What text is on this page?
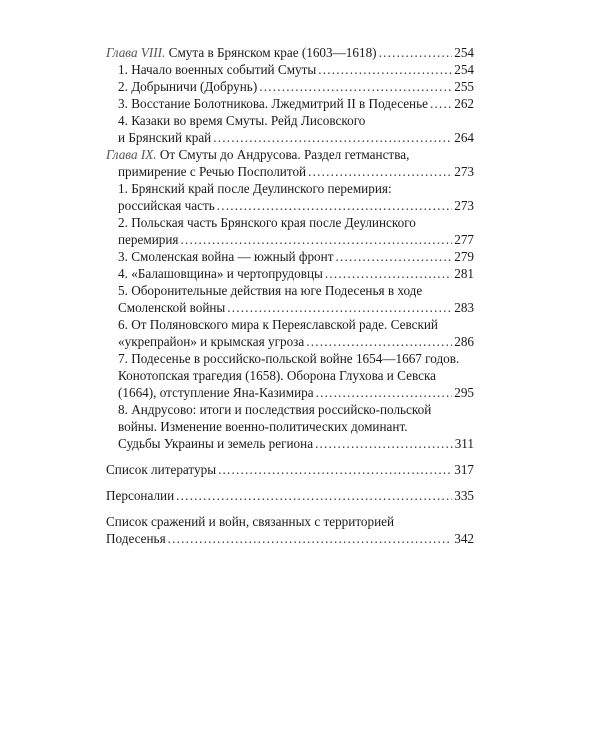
Глава VIII. Смута в Брянском крае (1603—1618) .....	254
1. Начало военных событий Смуты .....	254
2. Добрыничи (Добрунь) .....	255
3. Восстание Болотникова. Лжедмитрий II в Подесенье ..... 262
4. Казаки во время Смуты. Рейд Лисовского
и Брянский край .....	264
Глава IX. От Смуты до Андрусова. Раздел гетманства,
примирение с Речью Посполитой .....	273
1. Брянский край после Деулинского перемирия:
российская часть .....	273
2. Польская часть Брянского края после Деулинского
перемирия .....	277
3. Смоленская война — южный фронт .....	279
4. «Балашовщина» и чертопрудовцы .....	281
5. Оборонительные действия на юге Подесенья в ходе
Смоленской войны .....	283
6. От Поляновского мира к Переяславской раде. Севский
«укрепрайон» и крымская угроза .....	286
7. Подесенье в российско-польской войне 1654—1667 годов.
Конотопская трагедия (1658). Оборона Глухова и Севска
(1664), отступление Яна-Казимира .....	295
8. Андрусово: итоги и последствия российско-польской
войны. Изменение военно-политических доминант.
Судьбы Украины и земель региона .....	311
Список литературы .....	317
Персоналии .....	335
Список сражений и войн, связанных с территорией
Подесенья .....	342
